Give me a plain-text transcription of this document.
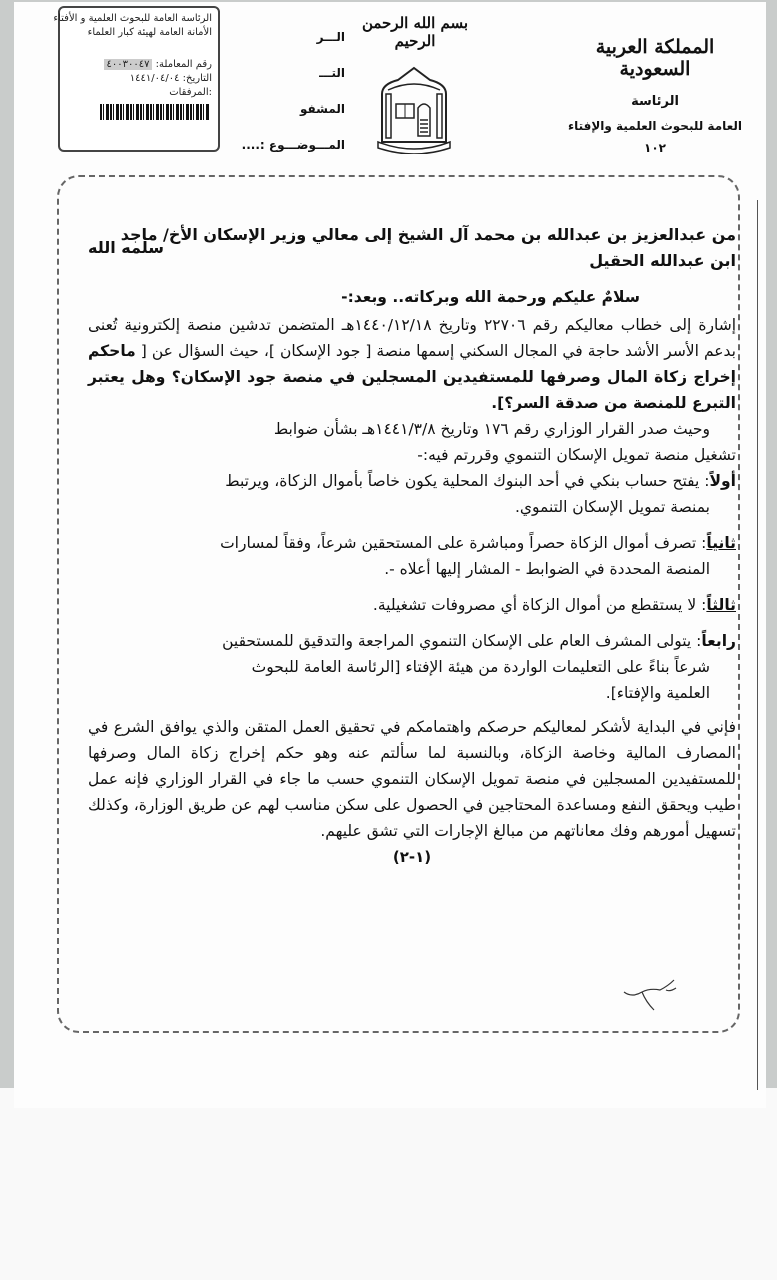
الرئاسة العامة للبحوث العلمية و الأفتاء
الأمانة العامة لهيئة كبار العلماء
رقم المعاملة: ٤٠٠٣٠٠٤٧
التاريخ: ١٤٤١/٠٤/٠٤
:المرفقات
الـــر
التـــ
المشفو
المـــوضـــوع :....
بسم الله الرحمن الرحيم	المملكة العربية السعودية
الرئاسة
العامة للبحوث العلمية والإفتاء
١٠٢
من عبدالعزيز بن عبدالله بن محمد آل الشيخ إلى معالي وزير الإسكان الأخ/ ماجد
ابن عبدالله الحقيل
سلمه الله
سلامٌ عليكم ورحمة الله وبركاته.. وبعد:-
إشارة إلى خطاب معاليكم رقم ٢٢٧٠٦ وتاريخ ١٤٤٠/١٢/١٨هـ المتضمن تدشين منصة إلكترونية تُعنى بدعم الأسر الأشد حاجة في المجال السكني إسمها منصة [ جود الإسكان ]، حيث السؤال عن [ ماحكم إخراج زكاة المال وصرفها للمستفيدين المسجلين في منصة جود الإسكان؟ وهل يعتبر التبرع للمنصة من صدقة السر؟].
وحيث صدر القرار الوزاري رقم ١٧٦ وتاريخ ١٤٤١/٣/٨هـ بشأن ضوابط
تشغيل منصة تمويل الإسكان التنموي وقررتم فيه:-
أولاً: يفتح حساب بنكي في أحد البنوك المحلية يكون خاصاً بأموال الزكاة، ويرتبط
بمنصة تمويل الإسكان التنموي.
ثانياً: تصرف أموال الزكاة حصراً ومباشرة على المستحقين شرعاً، وفقاً لمسارات
المنصة المحددة في الضوابط - المشار إليها أعلاه -.
ثالثاً: لا يستقطع من أموال الزكاة أي مصروفات تشغيلية.
رابعاً: يتولى المشرف العام على الإسكان التنموي المراجعة والتدقيق للمستحقين
شرعاً بناءً على التعليمات الواردة من هيئة الإفتاء [الرئاسة العامة للبحوث
العلمية والإفتاء].
فإني في البداية لأشكر لمعاليكم حرصكم واهتمامكم في تحقيق العمل المتقن والذي يوافق الشرع في المصارف المالية وخاصة الزكاة، وبالنسبة لما سألتم عنه وهو حكم إخراج زكاة المال وصرفها للمستفيدين المسجلين في منصة تمويل الإسكان التنموي حسب ما جاء في القرار الوزاري فإنه عمل طيب ويحقق النفع ومساعدة المحتاجين في الحصول على سكن مناسب لهم عن طريق الوزارة، وكذلك تسهيل أمورهم وفك معاناتهم من مبالغ الإجارات التي تشق عليهم.
(١-٢)
